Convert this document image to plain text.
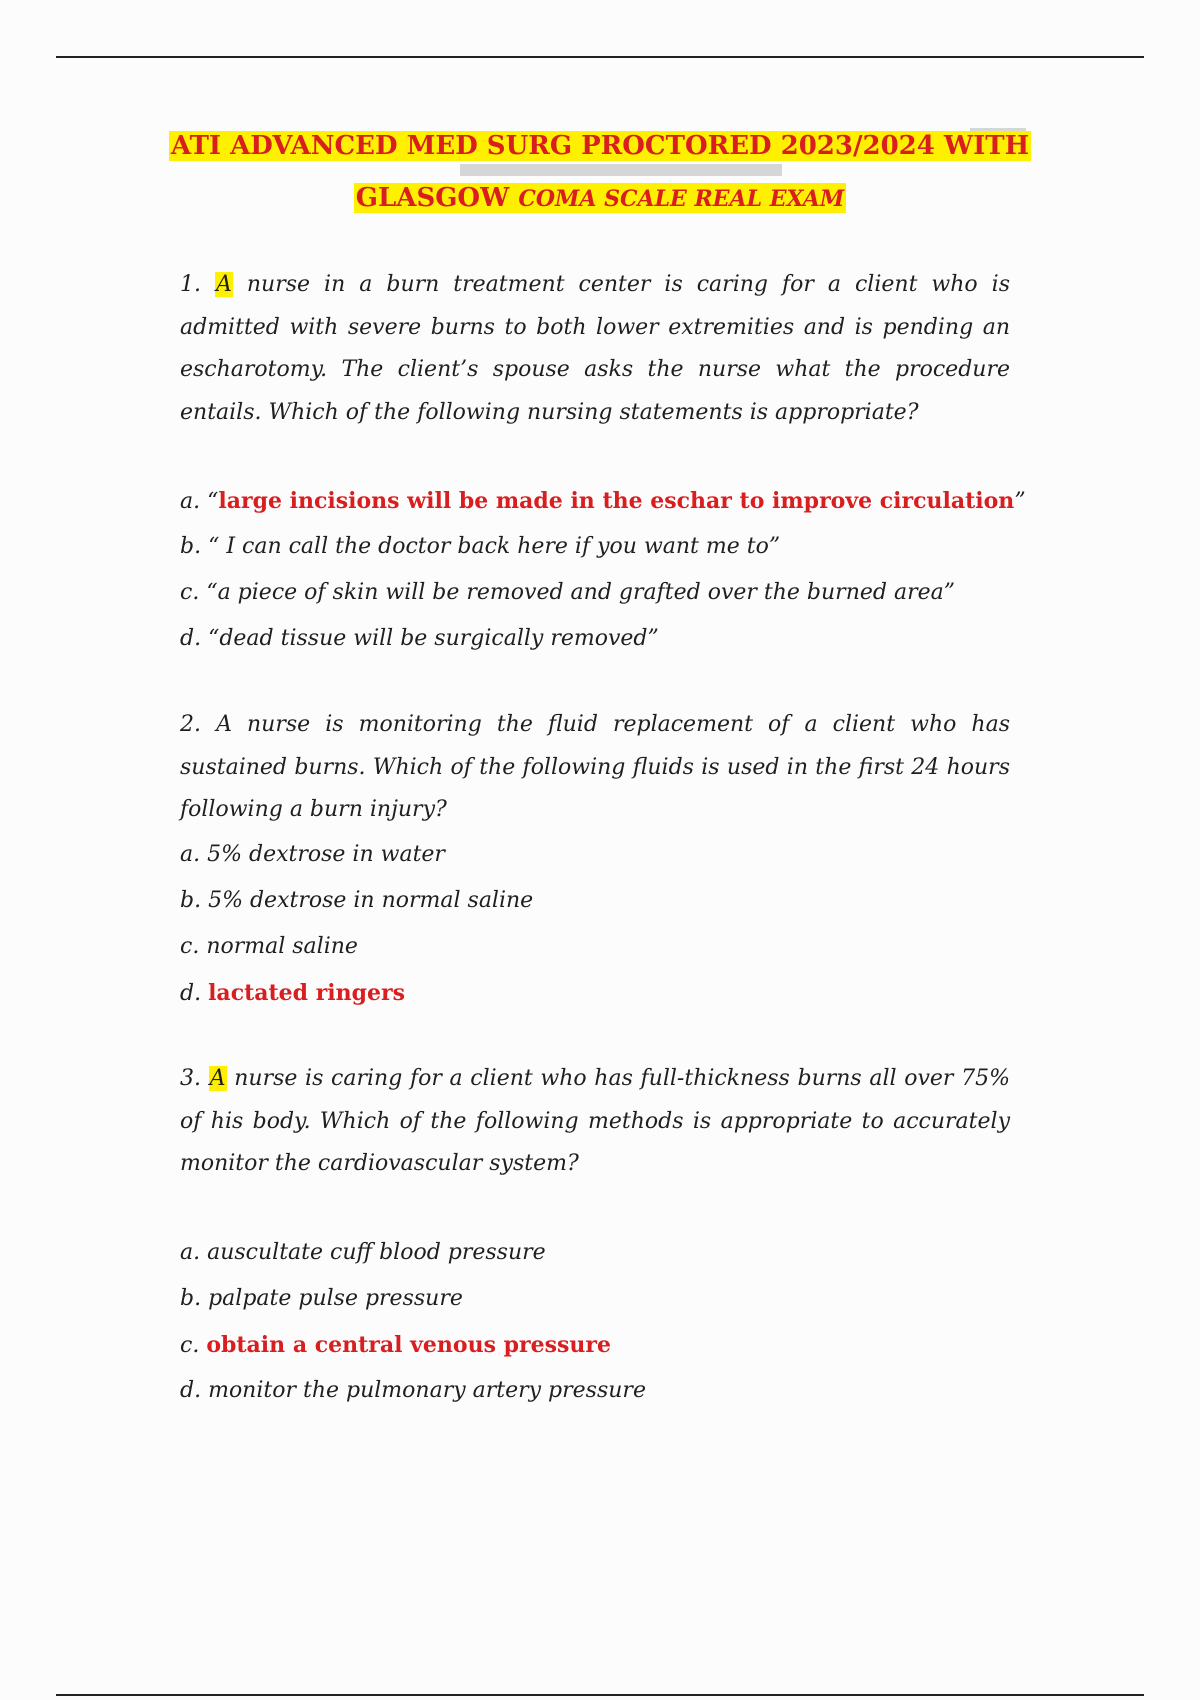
ATI ADVANCED MED SURG PROCTORED 2023/2024 WITH
GLASGOW COMA SCALE REAL EXAM
1. A nurse in a burn treatment center is caring for a client who is admitted with severe burns to both lower extremities and is pending an escharotomy. The client’s spouse asks the nurse what the procedure entails. Which of the following nursing statements is appropriate?
a. “large incisions will be made in the eschar to improve circulation”
b. “ I can call the doctor back here if you want me to”
c. “a piece of skin will be removed and grafted over the burned area”
d. “dead tissue will be surgically removed”
2. A nurse is monitoring the fluid replacement of a client who has sustained burns. Which of the following fluids is used in the first 24 hours following a burn injury?
a. 5% dextrose in water
b. 5% dextrose in normal saline
c. normal saline
d. lactated ringers
3. A nurse is caring for a client who has full-thickness burns all over 75% of his body. Which of the following methods is appropriate to accurately monitor the cardiovascular system?
a. auscultate cuff blood pressure
b. palpate pulse pressure
c. obtain a central venous pressure
d. monitor the pulmonary artery pressure
